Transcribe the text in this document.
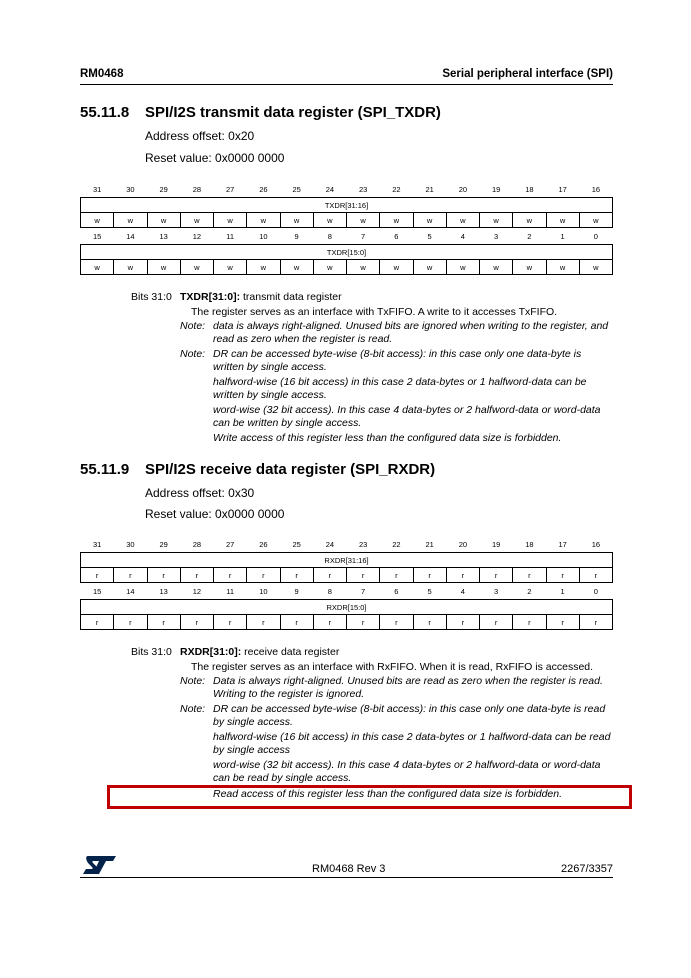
RM0468	Serial peripheral interface (SPI)
55.11.8 SPI/I2S transmit data register (SPI_TXDR)
Address offset: 0x20
Reset value: 0x0000 0000
31	30	29	28	27	26	25	24	23	22	21	20	19	18	17	16
TXDR[31:16]															
w	w	w	w	w	w	w	w	w	w	w	w	w	w	w	w
15	14	13	12	11	10	9	8	7	6	5	4	3	2	1	0
TXDR[15:0]															
w	w	w	w	w	w	w	w	w	w	w	w	w	w	w	w
Bits 31:0 TXDR[31:0]: transmit data register
The register serves as an interface with TxFIFO. A write to it accesses TxFIFO.
Note: data is always right-aligned. Unused bits are ignored when writing to the register, and read as zero when the register is read.
Note: DR can be accessed byte-wise (8-bit access): in this case only one data-byte is written by single access.
halfword-wise (16 bit access) in this case 2 data-bytes or 1 halfword-data can be written by single access.
word-wise (32 bit access). In this case 4 data-bytes or 2 halfword-data or word-data can be written by single access.
Write access of this register less than the configured data size is forbidden.
55.11.9 SPI/I2S receive data register (SPI_RXDR)
Address offset: 0x30
Reset value: 0x0000 0000
31	30	29	28	27	26	25	24	23	22	21	20	19	18	17	16
RXDR[31:16]															
r	r	r	r	r	r	r	r	r	r	r	r	r	r	r	r
15	14	13	12	11	10	9	8	7	6	5	4	3	2	1	0
RXDR[15:0]															
r	r	r	r	r	r	r	r	r	r	r	r	r	r	r	r
Bits 31:0 RXDR[31:0]: receive data register
The register serves as an interface with RxFIFO. When it is read, RxFIFO is accessed.
Note: Data is always right-aligned. Unused bits are read as zero when the register is read. Writing to the register is ignored.
Note: DR can be accessed byte-wise (8-bit access): in this case only one data-byte is read by single access.
halfword-wise (16 bit access) in this case 2 data-bytes or 1 halfword-data can be read by single access
word-wise (32 bit access). In this case 4 data-bytes or 2 halfword-data or word-data can be read by single access.
Read access of this register less than the configured data size is forbidden.
RM0468 Rev 3	2267/3357
